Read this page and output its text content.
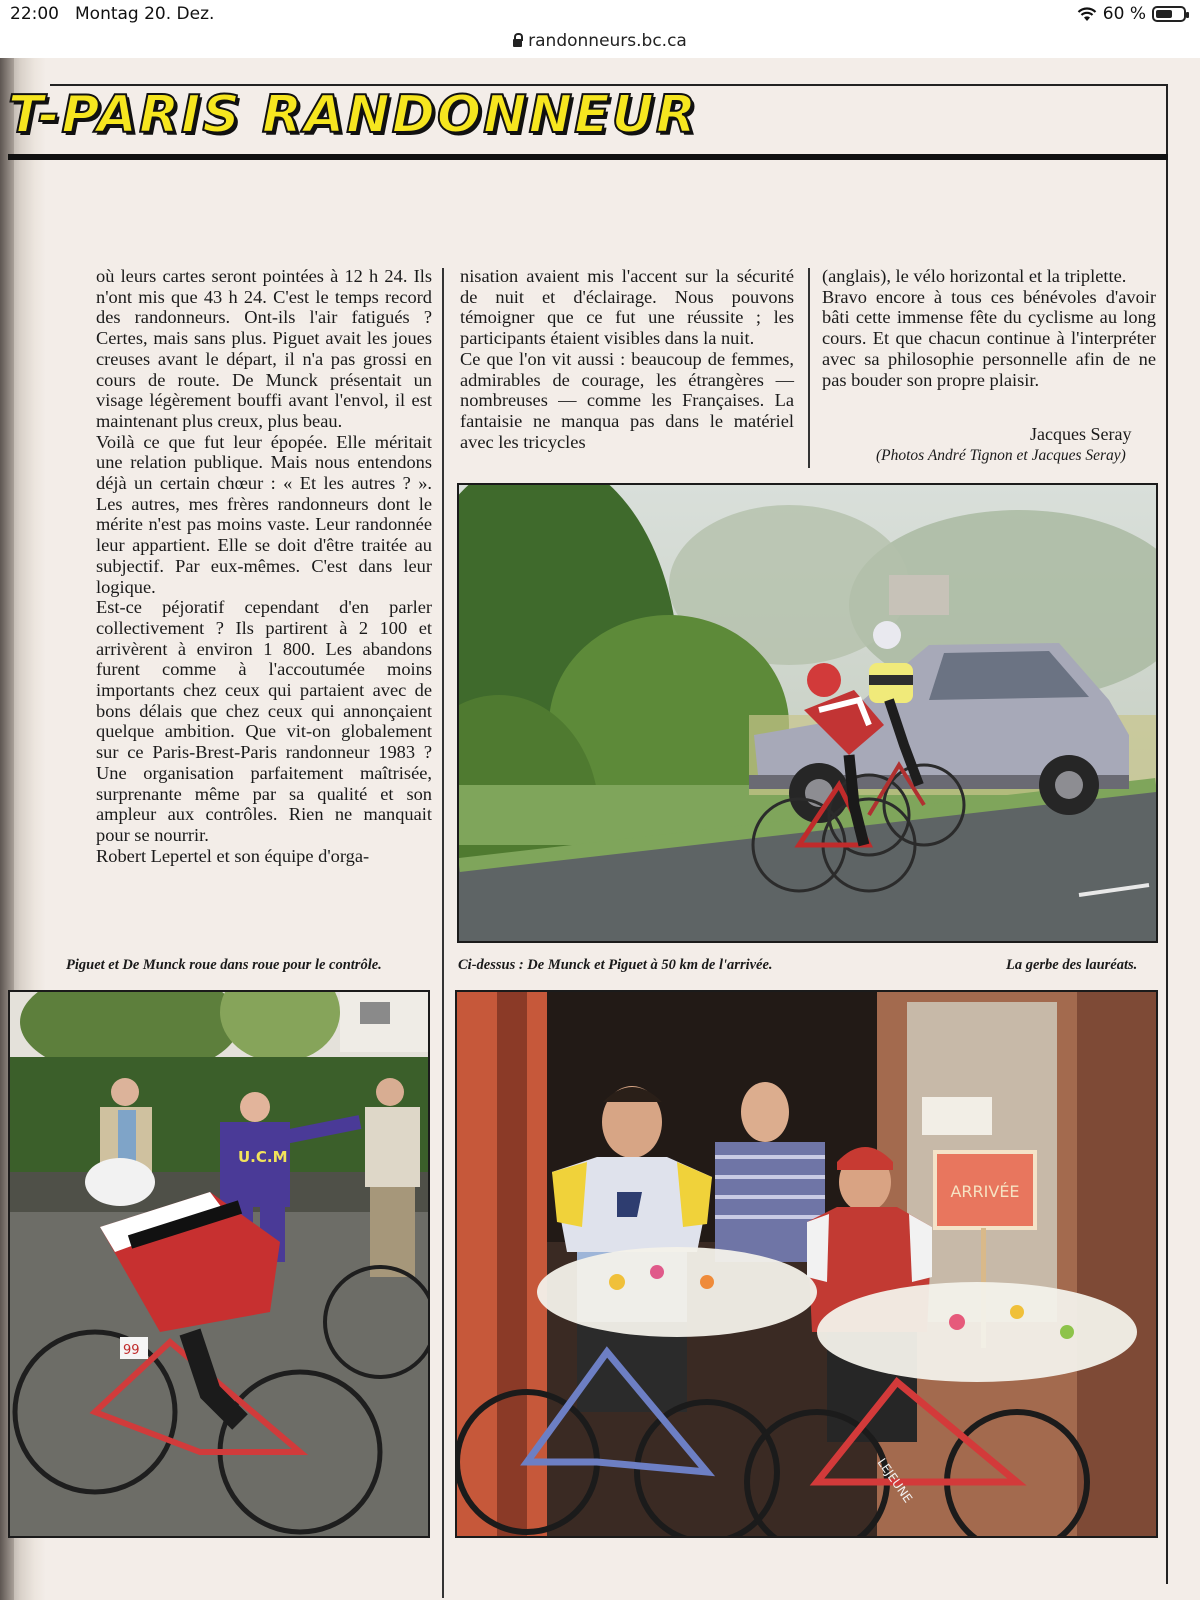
22:00 Montag 20. Dez.	60 %
randonneurs.bc.ca
T-PARIS RANDONNEUR

où leurs cartes seront pointées à 12 h 24. Ils n'ont mis que 43 h 24. C'est le temps record des randonneurs. Ont-ils l'air fatigués ? Certes, mais sans plus. Piguet avait les joues creuses avant le départ, il n'a pas grossi en cours de route. De Munck présentait un visage légèrement bouffi avant l'envol, il est maintenant plus creux, plus beau.

Voilà ce que fut leur épopée. Elle méritait une relation publique. Mais nous entendons déjà un certain chœur : « Et les autres ? ». Les autres, mes frères randonneurs dont le mérite n'est pas moins vaste. Leur randonnée leur appartient. Elle se doit d'être traitée au subjectif. Par eux-mêmes. C'est dans leur logique.

Est-ce péjoratif cependant d'en parler collectivement ? Ils partirent à 2 100 et arrivèrent à environ 1 800. Les abandons furent comme à l'accoutumée moins importants chez ceux qui partaient avec de bons délais que chez ceux qui annonçaient quelque ambition. Que vit-on globalement sur ce Paris-Brest-Paris randonneur 1983 ? Une organisation parfaitement maîtrisée, surprenante même par sa qualité et son ampleur aux contrôles. Rien ne manquait pour se nourrir.

Robert Lepertel et son équipe d'orga-

nisation avaient mis l'accent sur la sécurité de nuit et d'éclairage. Nous pouvons témoigner que ce fut une réussite ; les participants étaient visibles dans la nuit.

Ce que l'on vit aussi : beaucoup de femmes, admirables de courage, les étrangères — nombreuses — comme les Françaises. La fantaisie ne manqua pas dans le matériel avec les tricycles

(anglais), le vélo horizontal et la triplette.

Bravo encore à tous ces bénévoles d'avoir bâti cette immense fête du cyclisme au long cours. Et que chacun continue à l'interpréter avec sa philosophie personnelle afin de ne pas bouder son propre plaisir.

Jacques Seray
(Photos André Tignon et Jacques Seray)
Piguet et De Munck roue dans roue pour le contrôle.	Ci-dessus : De Munck et Piguet à 50 km de l'arrivée.	La gerbe des lauréats.
U.C.M
99
ARRIVÉE
LEJEUNE
